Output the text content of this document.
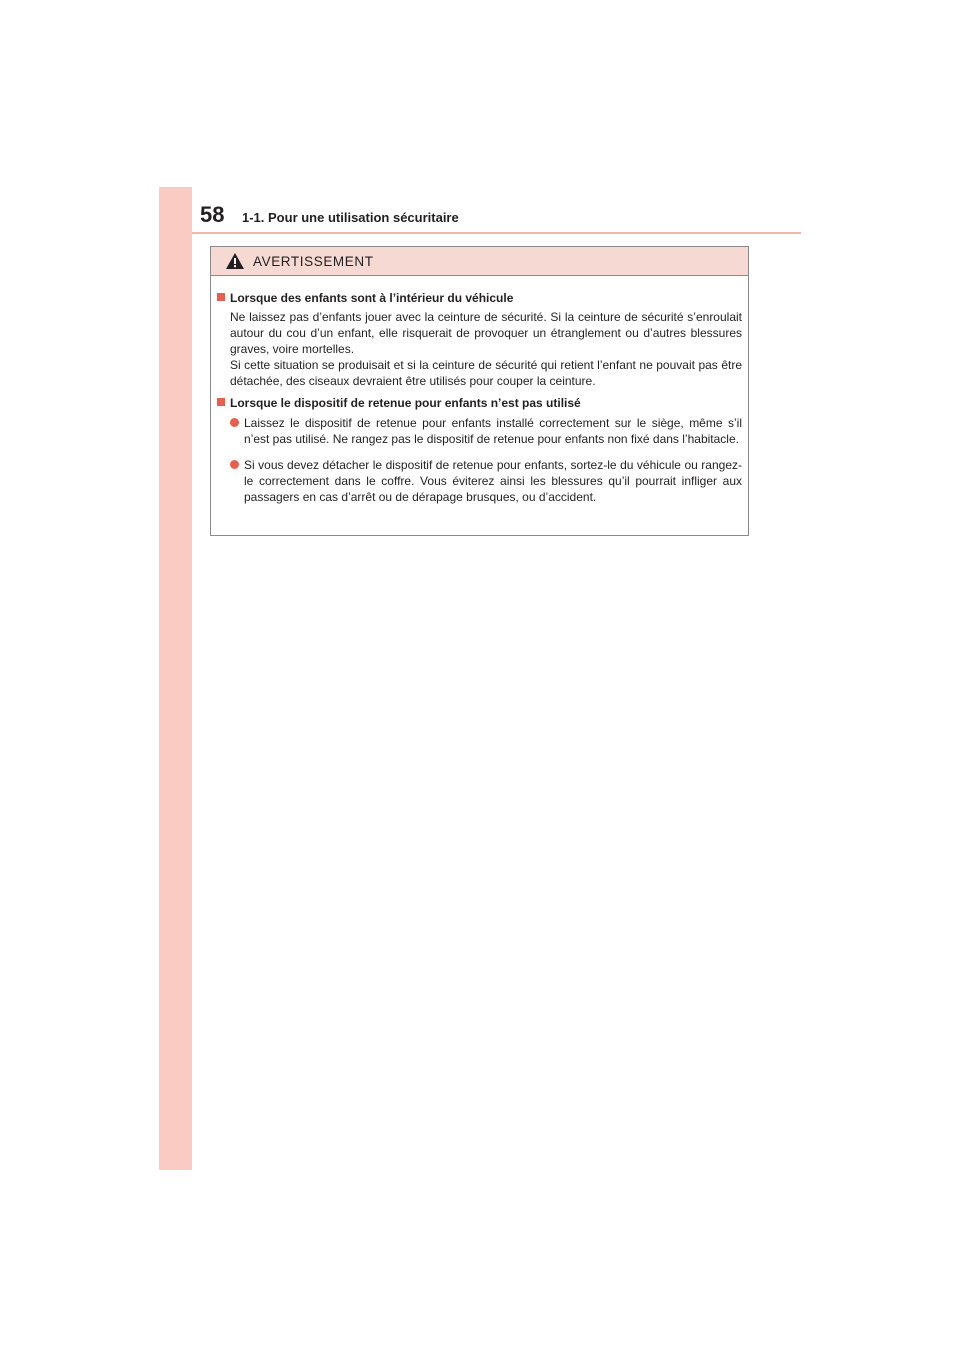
58 1-1. Pour une utilisation sécuritaire
AVERTISSEMENT
Lorsque des enfants sont à l’intérieur du véhicule

Ne laissez pas d’enfants jouer avec la ceinture de sécurité. Si la ceinture de sécurité s’enroulait autour du cou d’un enfant, elle risquerait de provoquer un étranglement ou d’autres blessures graves, voire mortelles.

Si cette situation se produisait et si la ceinture de sécurité qui retient l’enfant ne pouvait pas être détachée, des ciseaux devraient être utilisés pour couper la ceinture.

Lorsque le dispositif de retenue pour enfants n’est pas utilisé
Laissez le dispositif de retenue pour enfants installé correctement sur le siège, même s’il n’est pas utilisé. Ne rangez pas le dispositif de retenue pour enfants non fixé dans l’habitacle.
Si vous devez détacher le dispositif de retenue pour enfants, sortez-le du véhicule ou rangez-le correctement dans le coffre. Vous éviterez ainsi les blessures qu’il pourrait infliger aux passagers en cas d’arrêt ou de dérapage brusques, ou d’accident.
